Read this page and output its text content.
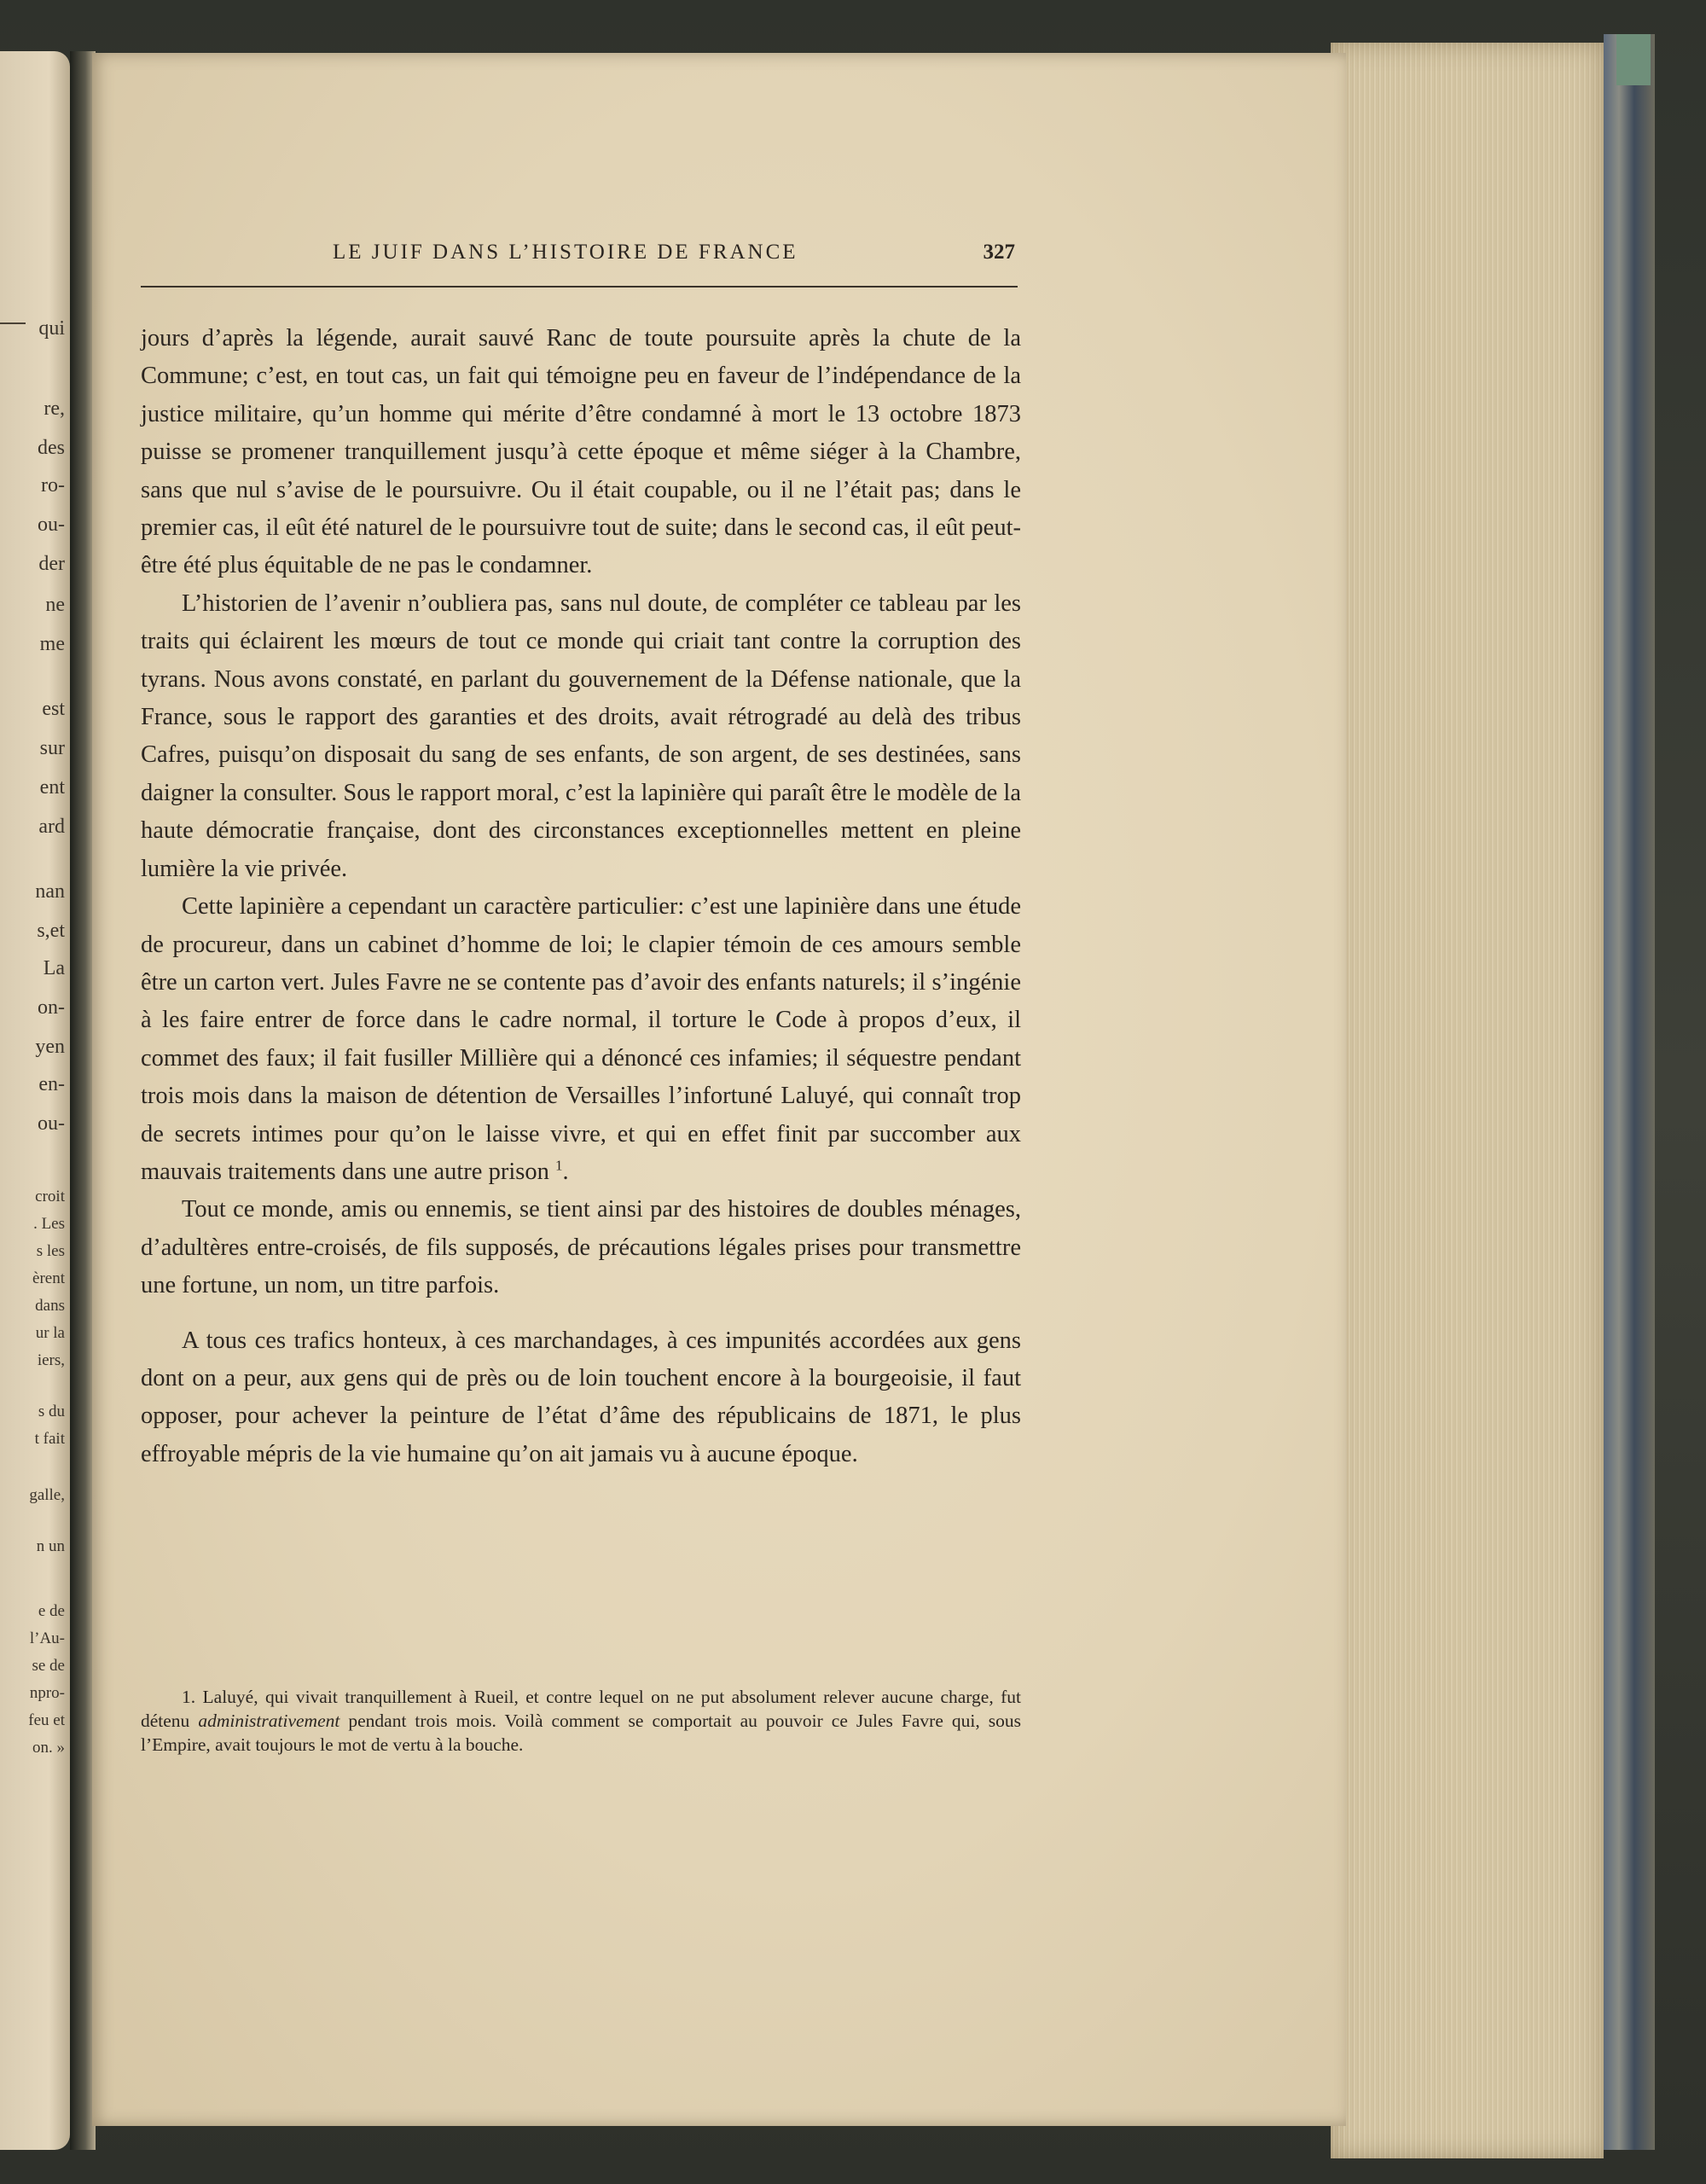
qui
re,
des
ro-
ou-
der
ne
me
est
sur
ent
ard
nan
s,et
La
on-
yen
en-
ou-
croit
. Les
s les
èrent
dans
ur la
iers,
s du
t fait
galle,
n un
e de
l’Au-
se de
npro-
feu et
on. »
LE JUIF DANS L’HISTOIRE DE FRANCE	327

jours d’après la légende, aurait sauvé Ranc de toute poursuite après la chute de la Commune; c’est, en tout cas, un fait qui témoigne peu en faveur de l’indépendance de la justice militaire, qu’un homme qui mérite d’être condamné à mort le 13 octobre 1873 puisse se promener tranquillement jusqu’à cette époque et même siéger à la Chambre, sans que nul s’avise de le poursuivre. Ou il était coupable, ou il ne l’était pas; dans le premier cas, il eût été naturel de le poursuivre tout de suite; dans le second cas, il eût peut-être été plus équitable de ne pas le condamner.

L’historien de l’avenir n’oubliera pas, sans nul doute, de compléter ce tableau par les traits qui éclairent les mœurs de tout ce monde qui criait tant contre la corruption des tyrans. Nous avons constaté, en parlant du gouvernement de la Défense nationale, que la France, sous le rapport des garanties et des droits, avait rétrogradé au delà des tribus Cafres, puisqu’on disposait du sang de ses enfants, de son argent, de ses destinées, sans daigner la consulter. Sous le rapport moral, c’est la lapinière qui paraît être le modèle de la haute démocratie française, dont des circonstances exceptionnelles mettent en pleine lumière la vie privée.

Cette lapinière a cependant un caractère particulier: c’est une lapinière dans une étude de procureur, dans un cabinet d’homme de loi; le clapier témoin de ces amours semble être un carton vert. Jules Favre ne se contente pas d’avoir des enfants naturels; il s’ingénie à les faire entrer de force dans le cadre normal, il torture le Code à propos d’eux, il commet des faux; il fait fusiller Millière qui a dénoncé ces infamies; il séquestre pendant trois mois dans la maison de détention de Versailles l’infortuné Laluyé, qui connaît trop de secrets intimes pour qu’on le laisse vivre, et qui en effet finit par succomber aux mauvais traitements dans une autre prison $^1$.

Tout ce monde, amis ou ennemis, se tient ainsi par des histoires de doubles ménages, d’adultères entre-croisés, de fils supposés, de précautions légales prises pour transmettre une fortune, un nom, un titre parfois.

A tous ces trafics honteux, à ces marchandages, à ces impunités accordées aux gens dont on a peur, aux gens qui de près ou de loin touchent encore à la bourgeoisie, il faut opposer, pour achever la peinture de l’état d’âme des républicains de 1871, le plus effroyable mépris de la vie humaine qu’on ait jamais vu à aucune époque.

1. Laluyé, qui vivait tranquillement à Rueil, et contre lequel on ne put absolument relever aucune charge, fut détenu administrativement pendant trois mois. Voilà comment se comportait au pouvoir ce Jules Favre qui, sous l’Empire, avait toujours le mot de vertu à la bouche.
